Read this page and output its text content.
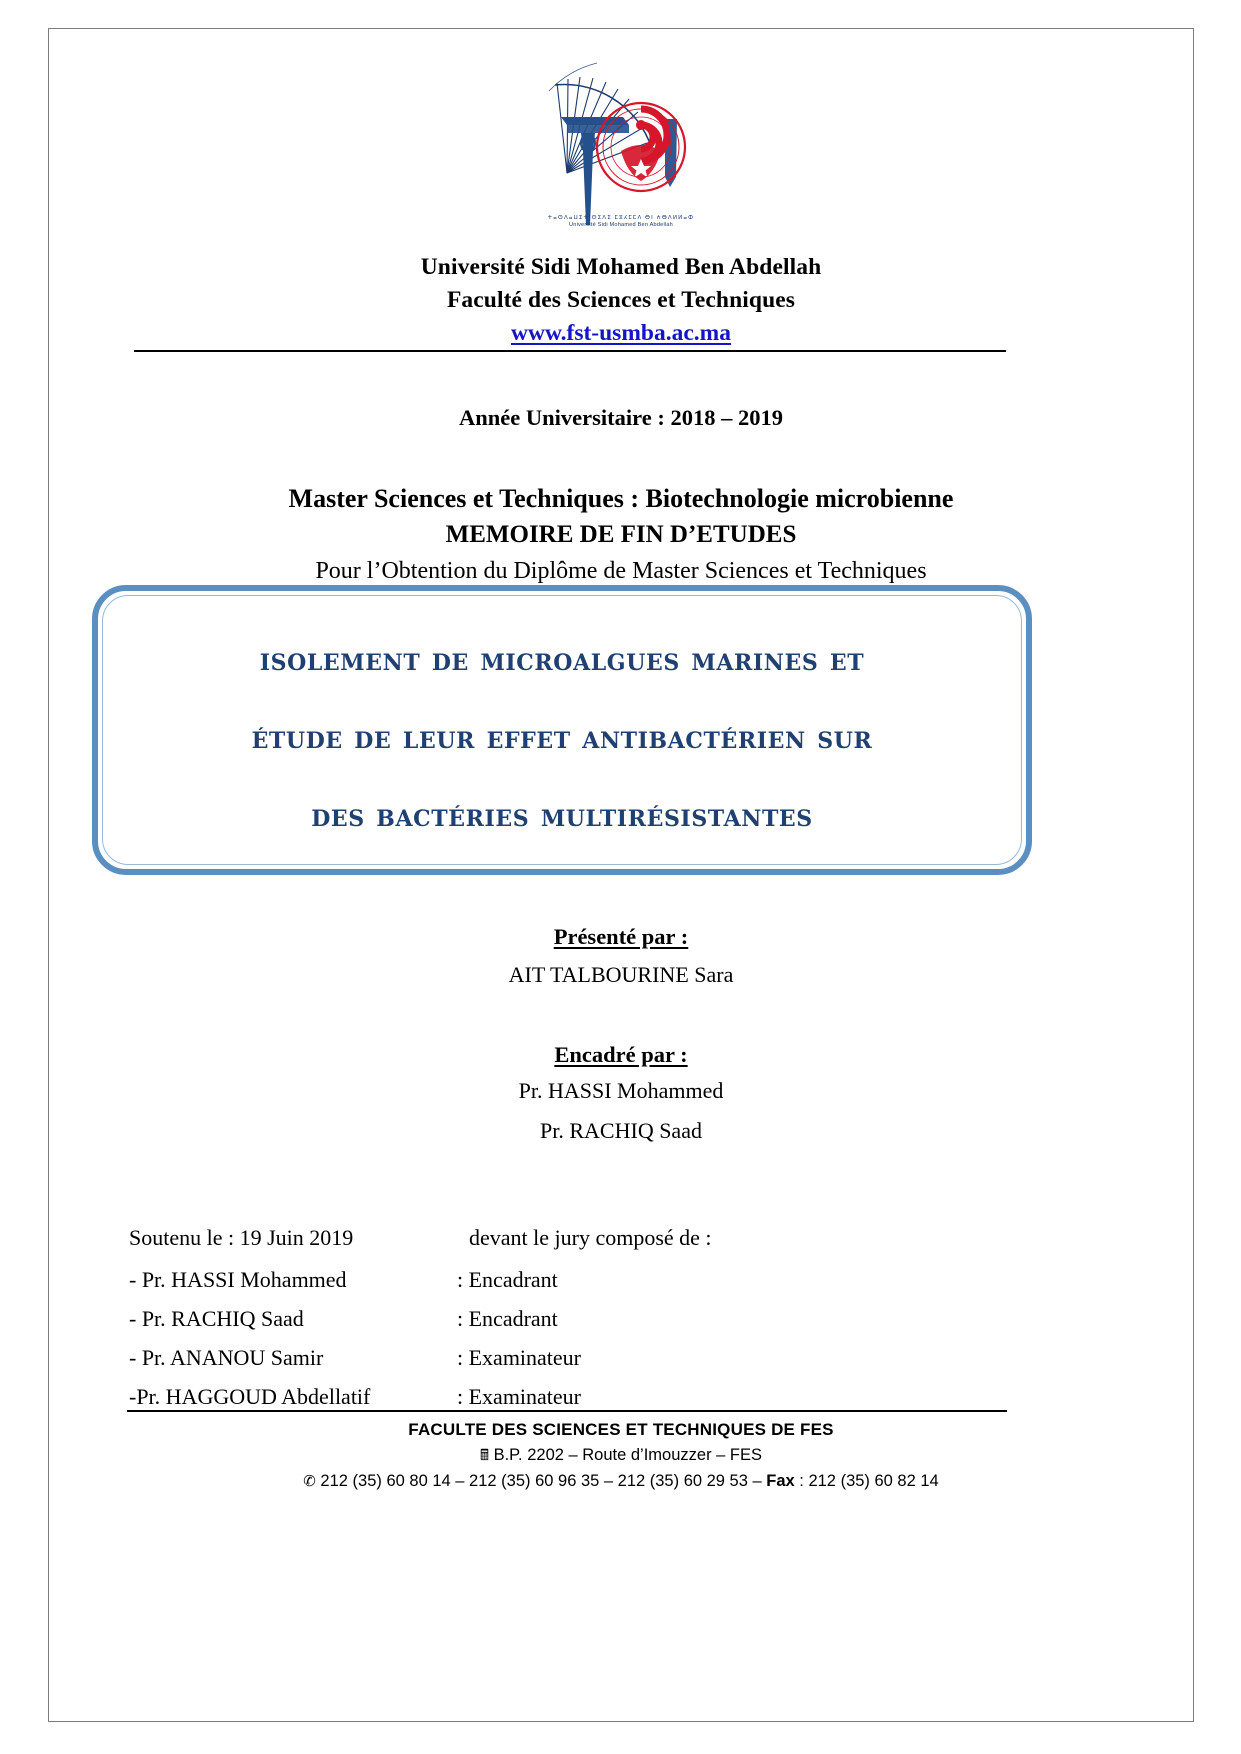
ⵜⴰⵙⴷⴰⵡⵉⵜ ⵙⵉⴷⵉ ⵎⵓⵃⵎⵎⴷ ⴱⵏ ⵄⴱⴷⵍⵍⴰⵀ
Université Sidi Mohamed Ben Abdellah
Université Sidi Mohamed Ben Abdellah
Faculté des Sciences et Techniques
www.fst-usmba.ac.ma
Année Universitaire : 2018 – 2019
Master Sciences et Techniques : Biotechnologie microbienne
MEMOIRE DE FIN D’ETUDES
Pour l’Obtention du Diplôme de Master Sciences et Techniques
isolement de microalgues marines et
étude de leur effet antibactérien sur
des bactéries multirésistantes
Présenté par :
AIT TALBOURINE Sara
Encadré par :
Pr. HASSI Mohammed
Pr. RACHIQ Saad
Soutenu le : 19 Juin 2019	devant le jury composé de :
- Pr. HASSI Mohammed	: Encadrant
- Pr. RACHIQ Saad	: Encadrant
- Pr. ANANOU Samir	: Examinateur
-Pr. HAGGOUD Abdellatif	: Examinateur
FACULTE DES SCIENCES ET TECHNIQUES DE FES
🖩 B.P. 2202 – Route d’Imouzzer – FES
✆ 212 (35) 60 80 14 – 212 (35) 60 96 35 – 212 (35) 60 29 53 – Fax : 212 (35) 60 82 14
